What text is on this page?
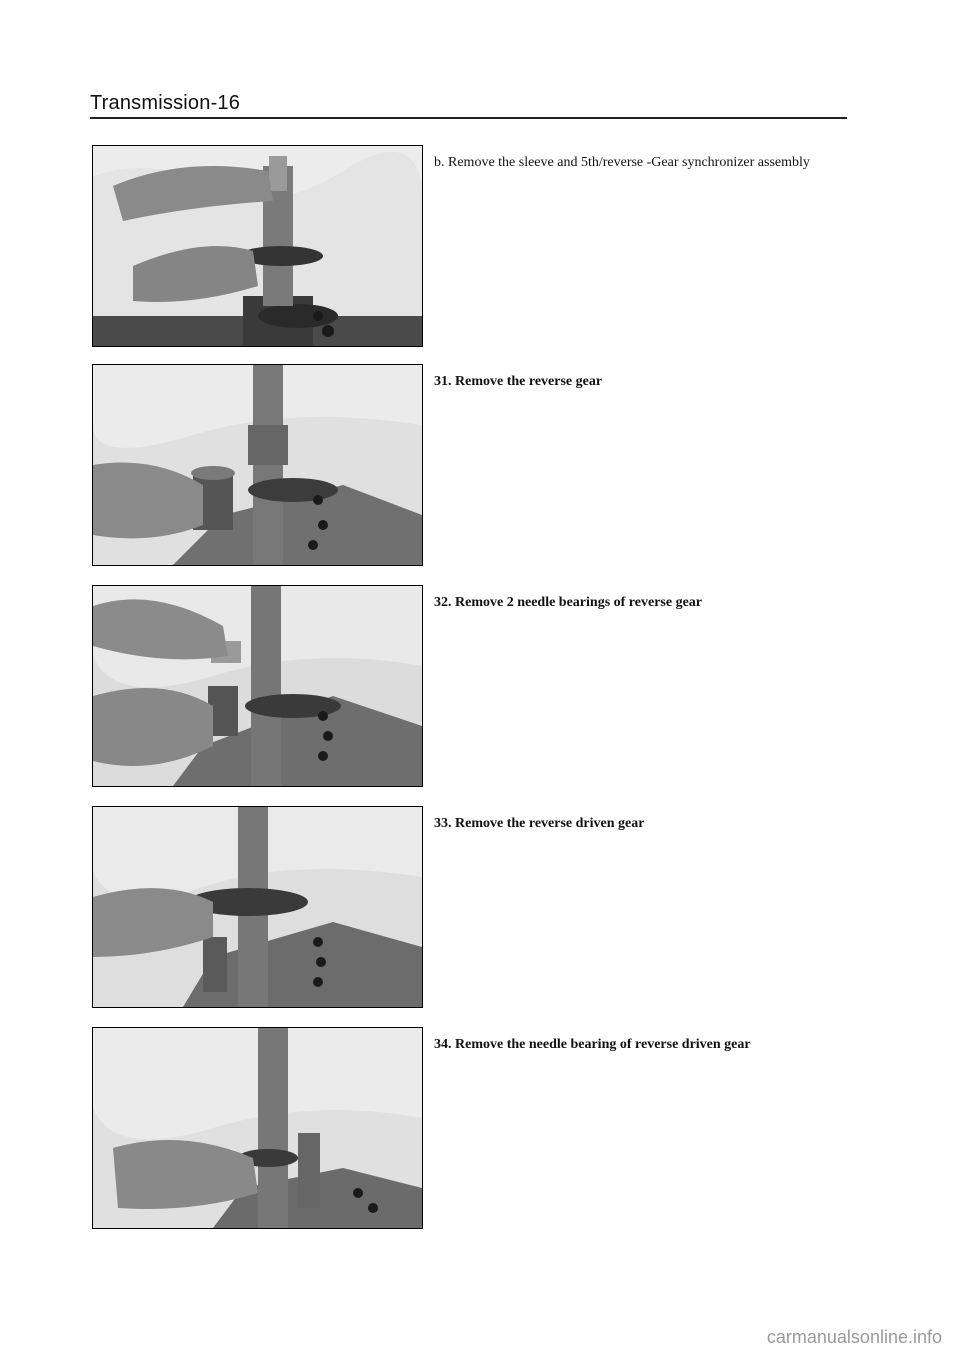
Transmission-16
b. Remove the sleeve and 5th/reverse -Gear synchronizer assembly
31. Remove the reverse gear
32. Remove 2 needle bearings of reverse gear
33. Remove the reverse driven gear
34. Remove the needle bearing of reverse driven gear
carmanualsonline.info
